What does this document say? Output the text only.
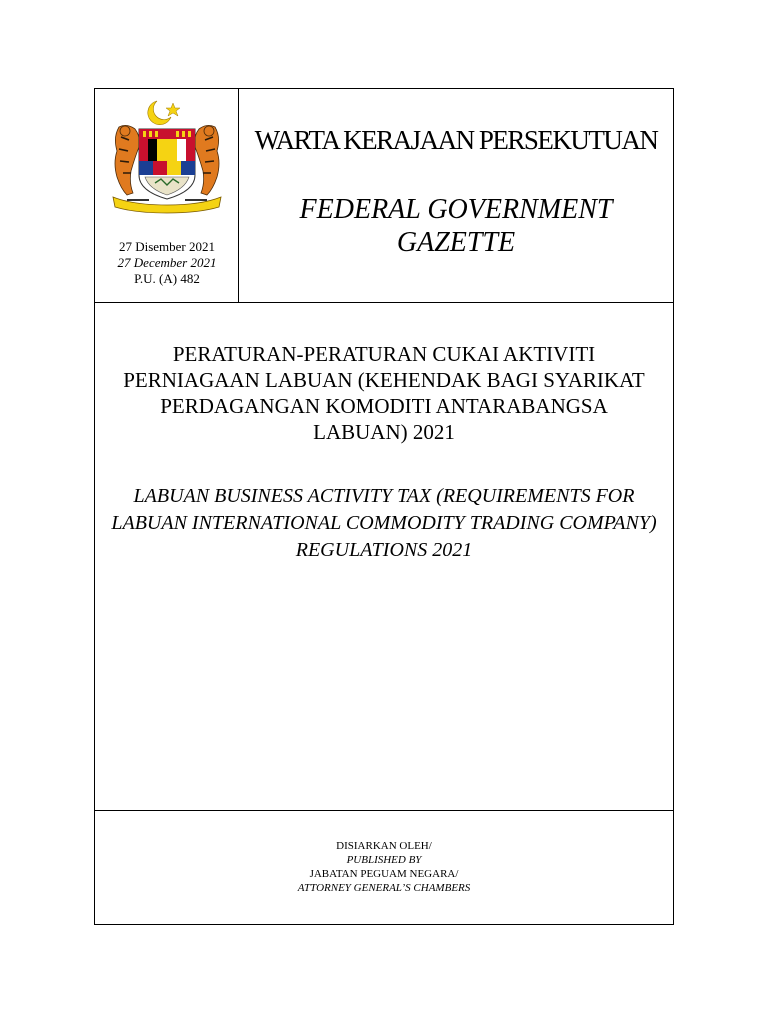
27 Disember 2021
27 December 2021
P.U. (A) 482
WARTA KERAJAAN PERSEKUTUAN
FEDERAL GOVERNMENT GAZETTE
PERATURAN-PERATURAN CUKAI AKTIVITI PERNIAGAAN LABUAN (KEHENDAK BAGI SYARIKAT PERDAGANGAN KOMODITI ANTARABANGSA LABUAN) 2021
LABUAN BUSINESS ACTIVITY TAX (REQUIREMENTS FOR LABUAN INTERNATIONAL COMMODITY TRADING COMPANY) REGULATIONS 2021
DISIARKAN OLEH/
PUBLISHED BY
JABATAN PEGUAM NEGARA/
ATTORNEY GENERAL’S CHAMBERS
